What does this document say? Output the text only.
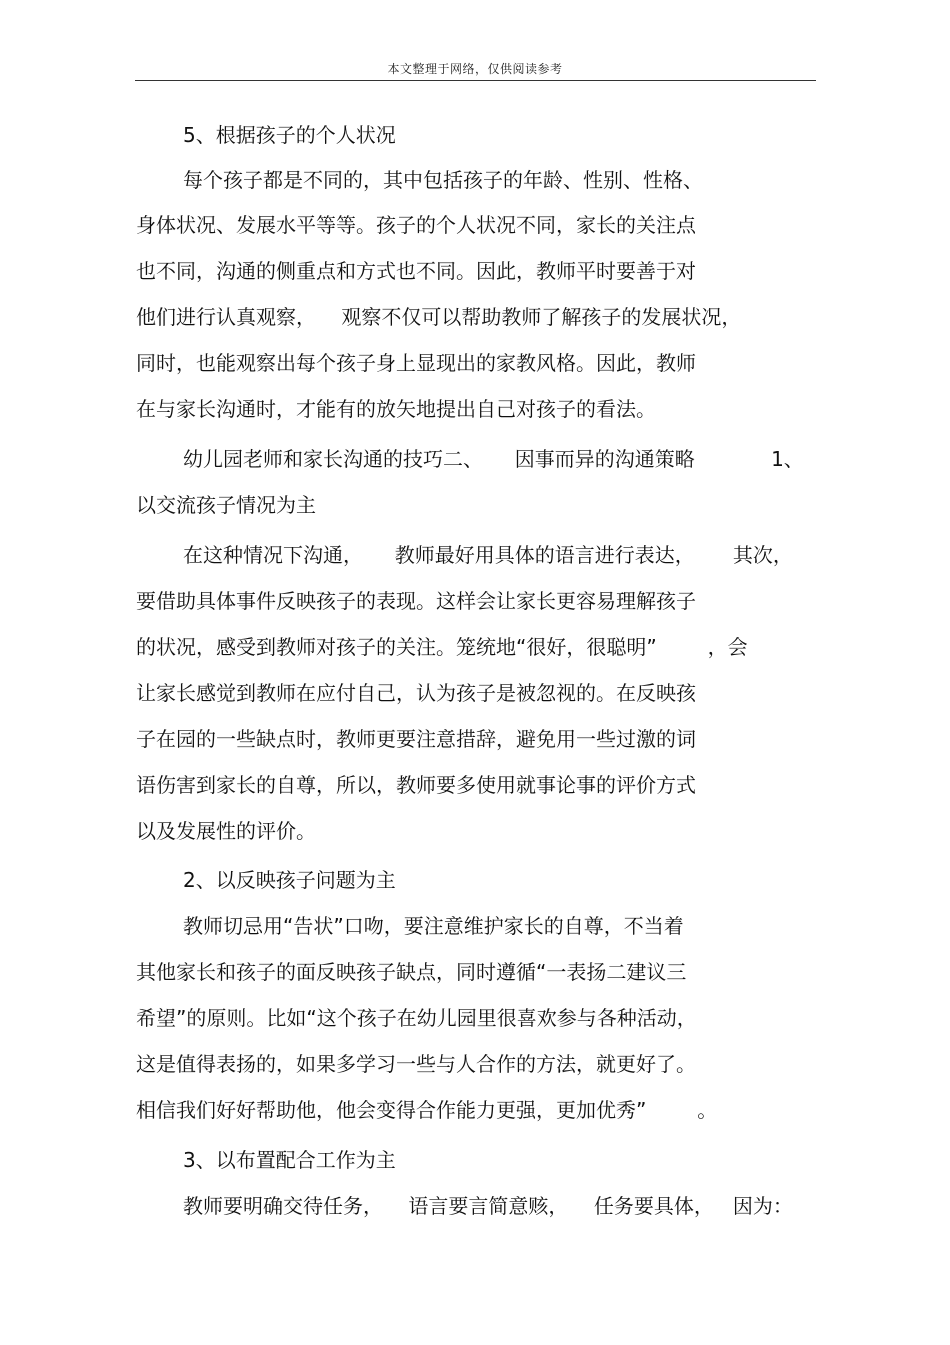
本文整理于网络，仅供阅读参考
5、根据孩子的个人状况
每个孩子都是不同的，其中包括孩子的年龄、性别、性格、
身体状况、发展水平等等。孩子的个人状况不同，家长的关注点
也不同，沟通的侧重点和方式也不同。因此，教师平时要善于对
他们进行认真观察，    观察不仅可以帮助教师了解孩子的发展状况，
同时，也能观察出每个孩子身上显现出的家教风格。因此，教师
在与家长沟通时，才能有的放矢地提出自己对孩子的看法。
幼儿园老师和家长沟通的技巧二、     因事而异的沟通策略            1、
以交流孩子情况为主
在这种情况下沟通，     教师最好用具体的语言进行表达，      其次，
要借助具体事件反映孩子的表现。这样会让家长更容易理解孩子
的状况，感受到教师对孩子的关注。笼统地“很好，很聪明”        ，会
让家长感觉到教师在应付自己，认为孩子是被忽视的。在反映孩
子在园的一些缺点时，教师更要注意措辞，避免用一些过激的词
语伤害到家长的自尊，所以，教师要多使用就事论事的评价方式
以及发展性的评价。
2、以反映孩子问题为主
教师切忌用“告状”口吻，要注意维护家长的自尊，不当着
其他家长和孩子的面反映孩子缺点，同时遵循“一表扬二建议三
希望”的原则。比如“这个孩子在幼儿园里很喜欢参与各种活动，
这是值得表扬的，如果多学习一些与人合作的方法，就更好了。
相信我们好好帮助他，他会变得合作能力更强，更加优秀”        。
3、以布置配合工作为主
教师要明确交待任务，    语言要言简意赅，    任务要具体，   因为：
